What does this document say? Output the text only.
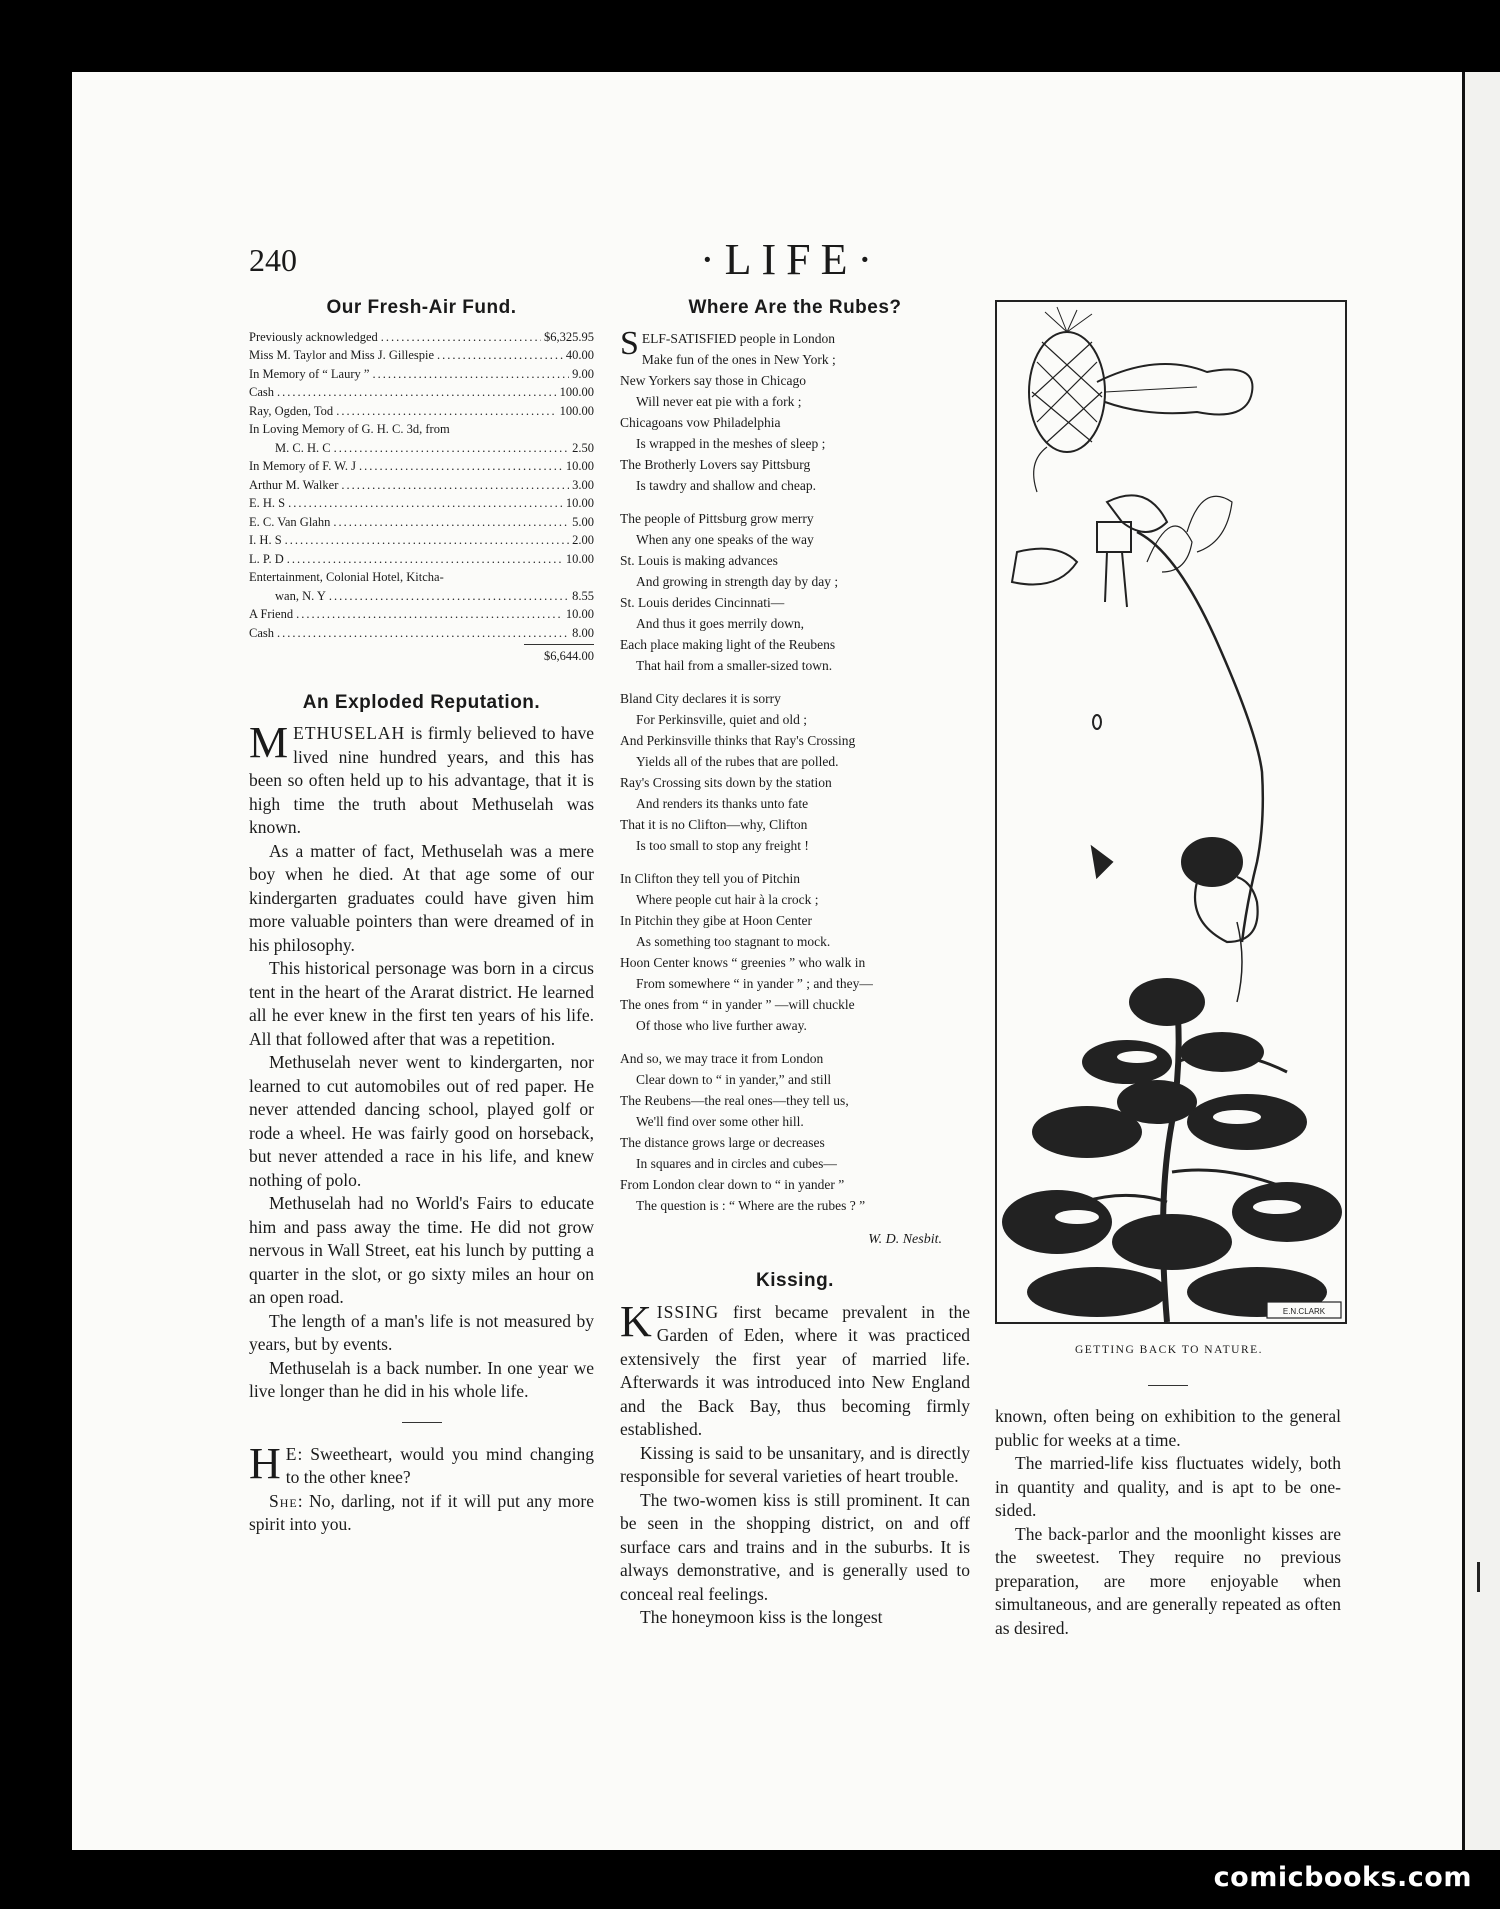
240	·LIFE·
Our Fresh-Air Fund.
Previously acknowledged .....	$6,325.95
Miss M. Taylor and Miss J. Gillespie .....	40.00
In Memory of “ Laury ” .....	9.00
Cash .....	100.00
Ray, Ogden, Tod .....	100.00
In Loving Memory of G. H. C. 3d, from
M. C. H. C .....	2.50
In Memory of F. W. J .....	10.00
Arthur M. Walker .....	3.00
E. H. S .....	10.00
E. C. Van Glahn .....	5.00
I. H. S .....	2.00
L. P. D .....	10.00
Entertainment, Colonial Hotel, Kitcha-
wan, N. Y .....	8.55
A Friend .....	10.00
Cash .....	8.00
$6,644.00
An Exploded Reputation.

METHUSELAH is firmly believed to have lived nine hundred years, and this has been so often held up to his advantage, that it is high time the truth about Methuselah was known.

As a matter of fact, Methuselah was a mere boy when he died. At that age some of our kindergarten graduates could have given him more valuable pointers than were dreamed of in his philosophy.

This historical personage was born in a circus tent in the heart of the Ararat district. He learned all he ever knew in the first ten years of his life. All that followed after that was a repetition.

Methuselah never went to kindergarten, nor learned to cut automobiles out of red paper. He never attended dancing school, played golf or rode a wheel. He was fairly good on horseback, but never attended a race in his life, and knew nothing of polo.

Methuselah had no World's Fairs to educate him and pass away the time. He did not grow nervous in Wall Street, eat his lunch by putting a quarter in the slot, or go sixty miles an hour on an open road.

The length of a man's life is not measured by years, but by events.

Methuselah is a back number. In one year we live longer than he did in his whole life.

H E: Sweetheart, would you mind changing to the other knee?

She: No, darling, not if it will put any more spirit into you.

Where Are the Rubes?
SELF-SATISFIED people in London
Make fun of the ones in New York ;
New Yorkers say those in Chicago
Will never eat pie with a fork ;
Chicagoans vow Philadelphia
Is wrapped in the meshes of sleep ;
The Brotherly Lovers say Pittsburg
Is tawdry and shallow and cheap.
The people of Pittsburg grow merry
When any one speaks of the way
St. Louis is making advances
And growing in strength day by day ;
St. Louis derides Cincinnati—
And thus it goes merrily down,
Each place making light of the Reubens
That hail from a smaller-sized town.
Bland City declares it is sorry
For Perkinsville, quiet and old ;
And Perkinsville thinks that Ray's Crossing
Yields all of the rubes that are polled.
Ray's Crossing sits down by the station
And renders its thanks unto fate
That it is no Clifton—why, Clifton
Is too small to stop any freight !
In Clifton they tell you of Pitchin
Where people cut hair à la crock ;
In Pitchin they gibe at Hoon Center
As something too stagnant to mock.
Hoon Center knows “ greenies ” who walk in
From somewhere “ in yander ” ; and they—
The ones from “ in yander ” —will chuckle
Of those who live further away.
And so, we may trace it from London
Clear down to “ in yander,” and still
The Reubens—the real ones—they tell us,
We'll find over some other hill.
The distance grows large or decreases
In squares and in circles and cubes—
From London clear down to “ in yander ”
The question is : “ Where are the rubes ? ”
W. D. Nesbit.
Kissing.

KISSING first became prevalent in the Garden of Eden, where it was practiced extensively the first year of married life. Afterwards it was introduced into New England and the Back Bay, thus becoming firmly established.

Kissing is said to be unsanitary, and is directly responsible for several varieties of heart trouble.

The two-women kiss is still prominent. It can be seen in the shopping district, on and off surface cars and trains and in the suburbs. It is always demonstrative, and is generally used to conceal real feelings.

The honeymoon kiss is the longest

E.N.CLARK
GETTING BACK TO NATURE.

known, often being on exhibition to the general public for weeks at a time.

The married-life kiss fluctuates widely, both in quantity and quality, and is apt to be one-sided.

The back-parlor and the moonlight kisses are the sweetest. They require no previous preparation, are more enjoyable when simultaneous, and are generally repeated as often as desired.

comicbooks.com
